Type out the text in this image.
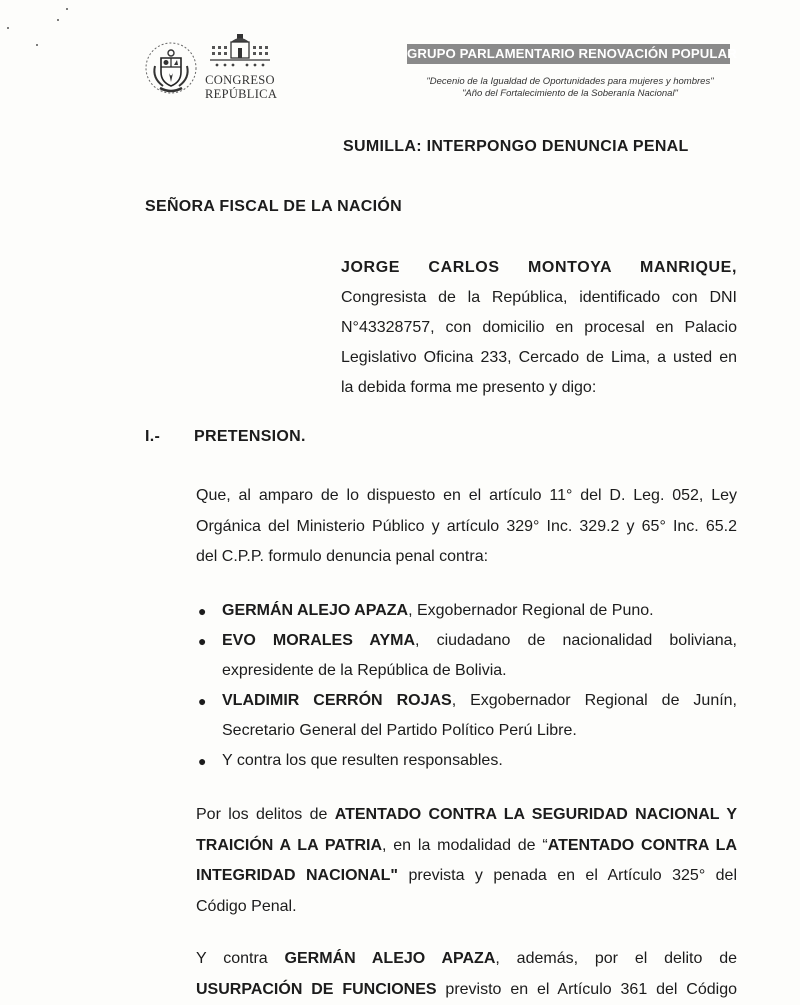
CONGRESO
REPÚBLICA
GRUPO PARLAMENTARIO RENOVACIÓN POPULAR
"Decenio de la Igualdad de Oportunidades para mujeres y hombres"
"Año del Fortalecimiento de la Soberanía Nacional"
SUMILLA: INTERPONGO DENUNCIA PENAL
SEÑORA FISCAL DE LA NACIÓN
JORGE CARLOS MONTOYA MANRIQUE,
Congresista de la República, identificado con DNI
N°43328757, con domicilio en procesal en Palacio
Legislativo Oficina 233, Cercado de Lima, a usted en
la debida forma me presento y digo:
I.- PRETENSION.
Que, al amparo de lo dispuesto en el artículo 11° del D. Leg. 052, Ley
Orgánica del Ministerio Público y artículo 329° Inc. 329.2 y 65° Inc. 65.2
del C.P.P. formulo denuncia penal contra:
● GERMÁN ALEJO APAZA, Exgobernador Regional de Puno.
● EVO MORALES AYMA, ciudadano de nacionalidad boliviana,
expresidente de la República de Bolivia.
● VLADIMIR CERRÓN ROJAS, Exgobernador Regional de Junín,
Secretario General del Partido Político Perú Libre.
● Y contra los que resulten responsables.
Por los delitos de ATENTADO CONTRA LA SEGURIDAD NACIONAL Y
TRAICIÓN A LA PATRIA, en la modalidad de “ATENTADO CONTRA LA
INTEGRIDAD NACIONAL" prevista y penada en el Artículo 325° del
Código Penal.
Y contra GERMÁN ALEJO APAZA, además, por el delito de
USURPACIÓN DE FUNCIONES previsto en el Artículo 361 del Código
